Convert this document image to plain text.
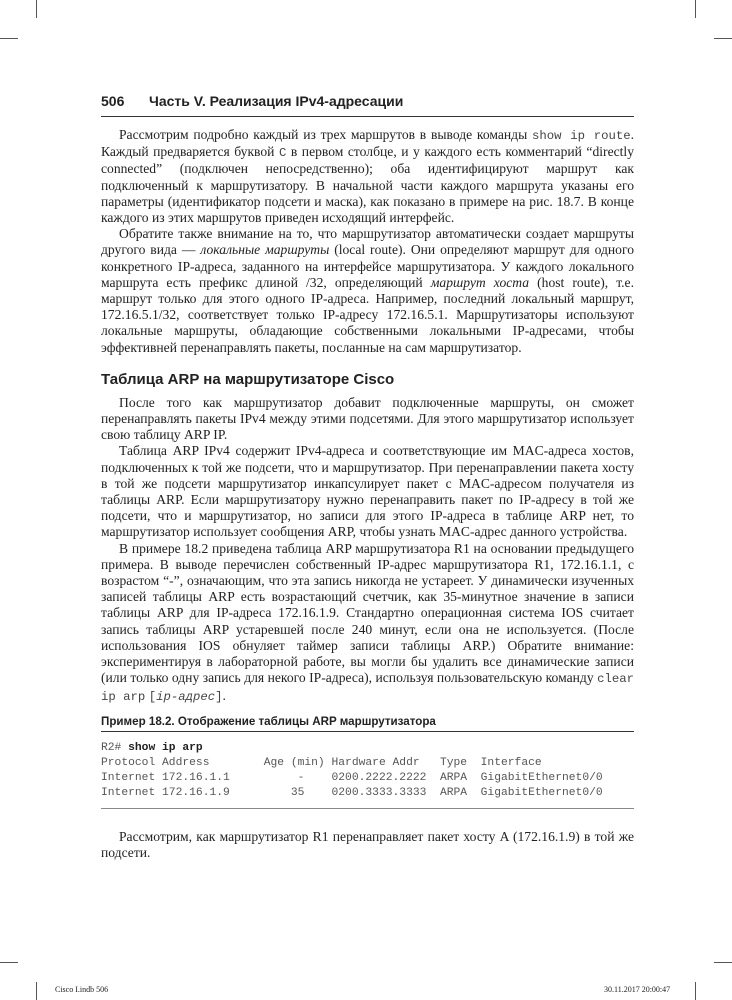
506 Часть V. Реализация IPv4-адресации

Рассмотрим подробно каждый из трех маршрутов в выводе команды show ip route. Каждый предваряется буквой C в первом столбце, и у каждого есть комментарий “directly connected” (подключен непосредственно); оба идентифицируют маршрут как подключенный к маршрутизатору. В начальной части каждого маршрута указаны его параметры (идентификатор подсети и маска), как показано в примере на рис. 18.7. В конце каждого из этих маршрутов приведен исходящий интерфейс.

Обратите также внимание на то, что маршрутизатор автоматически создает маршруты другого вида — локальные маршруты (local route). Они определяют маршрут для одного конкретного IP-адреса, заданного на интерфейсе маршрутизатора. У каждого локального маршрута есть префикс длиной /32, определяющий маршрут хоста (host route), т.е. маршрут только для этого одного IP-адреса. Например, последний локальный маршрут, 172.16.5.1/32, соответствует только IP-адресу 172.16.5.1. Маршрутизаторы используют локальные маршруты, обладающие собственными локальными IP-адресами, чтобы эффективней перенаправлять пакеты, посланные на сам маршрутизатор.

Таблица ARP на маршрутизаторе Cisco

После того как маршрутизатор добавит подключенные маршруты, он сможет перенаправлять пакеты IPv4 между этими подсетями. Для этого маршрутизатор использует свою таблицу ARP IP.

Таблица ARP IPv4 содержит IPv4-адреса и соответствующие им MAC-адреса хостов, подключенных к той же подсети, что и маршрутизатор. При перенаправлении пакета хосту в той же подсети маршрутизатор инкапсулирует пакет с MAC-адресом получателя из таблицы ARP. Если маршрутизатору нужно перенаправить пакет по IP-адресу в той же подсети, что и маршрутизатор, но записи для этого IP-адреса в таблице ARP нет, то маршрутизатор использует сообщения ARP, чтобы узнать MAC-адрес данного устройства.

В примере 18.2 приведена таблица ARP маршрутизатора R1 на основании предыдущего примера. В выводе перечислен собственный IP-адрес маршрутизатора R1, 172.16.1.1, с возрастом “-”, означающим, что эта запись никогда не устареет. У динамически изученных записей таблицы ARP есть возрастающий счетчик, как 35-минутное значение в записи таблицы ARP для IP-адреса 172.16.1.9. Стандартно операционная система IOS считает запись таблицы ARP устаревшей после 240 минут, если она не используется. (После использования IOS обнуляет таймер записи таблицы ARP.) Обратите внимание: экспериментируя в лабораторной работе, вы могли бы удалить все динамические записи (или только одну запись для некого IP-адреса), используя пользовательскую команду clear ip arp [ip-адрес].

Пример 18.2. Отображение таблицы ARP маршрутизатора
R2# show ip arp
Protocol Address        Age (min) Hardware Addr   Type  Interface
Internet 172.16.1.1          -    0200.2222.2222  ARPA  GigabitEthernet0/0
Internet 172.16.1.9         35    0200.3333.3333  ARPA  GigabitEthernet0/0

Рассмотрим, как маршрутизатор R1 перенаправляет пакет хосту A (172.16.1.9) в той же подсети.

Cisco I.indb 506	30.11.2017 20:00:47
